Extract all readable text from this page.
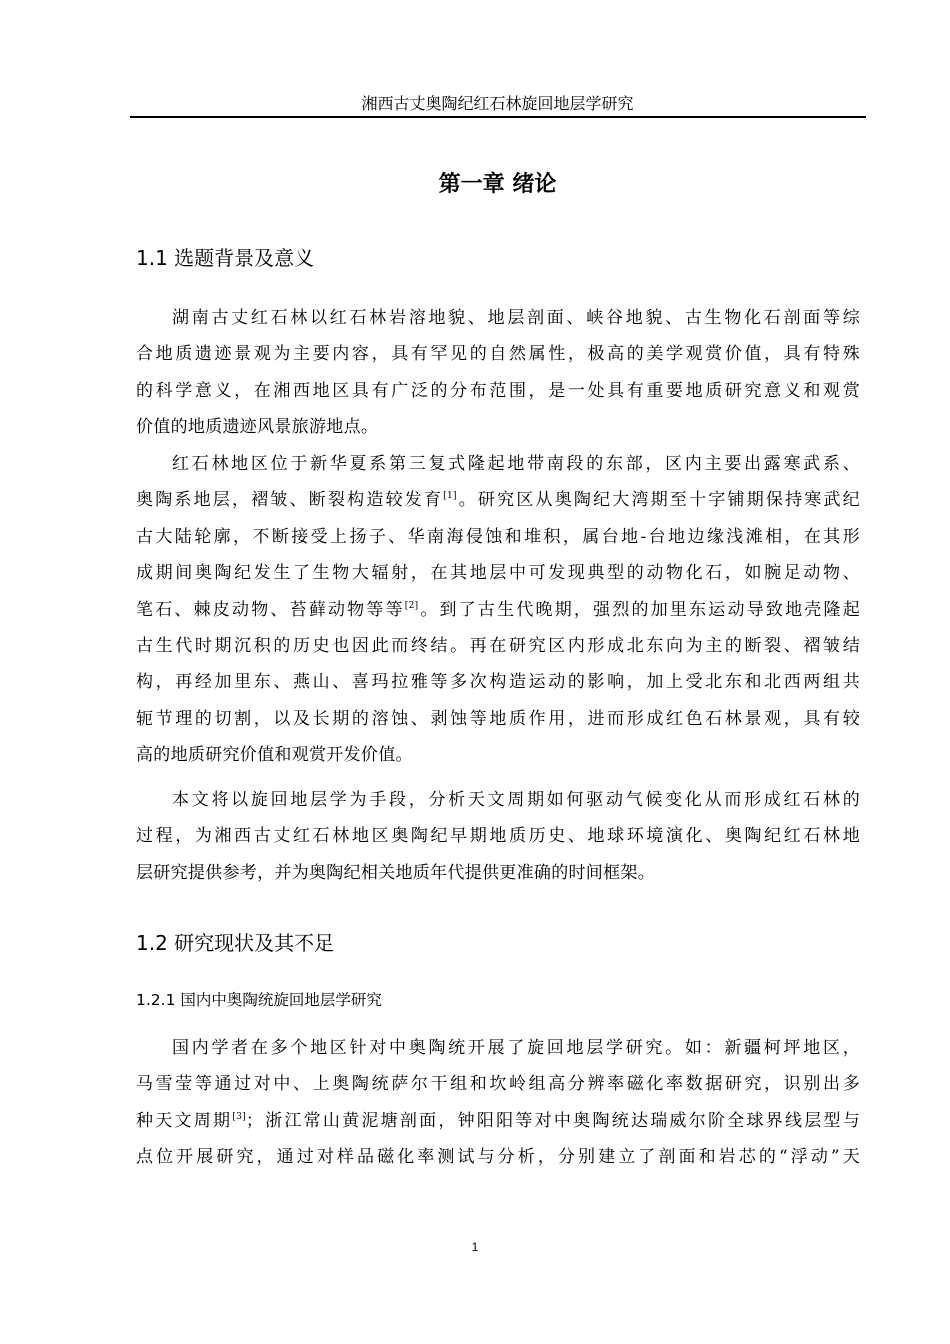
湘西古丈奥陶纪红石林旋回地层学研究
第一章 绪论
1.1 选题背景及意义
湖南古丈红石林以红石林岩溶地貌、地层剖面、峡谷地貌、古生物化石剖面等综
合地质遗迹景观为主要内容，具有罕见的自然属性，极高的美学观赏价值，具有特殊
的科学意义，在湘西地区具有广泛的分布范围，是一处具有重要地质研究意义和观赏
价值的地质遗迹风景旅游地点。
红石林地区位于新华夏系第三复式隆起地带南段的东部，区内主要出露寒武系、
奥陶系地层，褶皱、断裂构造较发育[1]。研究区从奥陶纪大湾期至十字铺期保持寒武纪
古大陆轮廓，不断接受上扬子、华南海侵蚀和堆积，属台地-台地边缘浅滩相，在其形
成期间奥陶纪发生了生物大辐射，在其地层中可发现典型的动物化石，如腕足动物、
笔石、棘皮动物、苔藓动物等等[2]。到了古生代晚期，强烈的加里东运动导致地壳隆起
古生代时期沉积的历史也因此而终结。再在研究区内形成北东向为主的断裂、褶皱结
构，再经加里东、燕山、喜玛拉雅等多次构造运动的影响，加上受北东和北西两组共
轭节理的切割，以及长期的溶蚀、剥蚀等地质作用，进而形成红色石林景观，具有较
高的地质研究价值和观赏开发价值。
本文将以旋回地层学为手段，分析天文周期如何驱动气候变化从而形成红石林的
过程，为湘西古丈红石林地区奥陶纪早期地质历史、地球环境演化、奥陶纪红石林地
层研究提供参考，并为奥陶纪相关地质年代提供更准确的时间框架。
1.2 研究现状及其不足
1.2.1 国内中奥陶统旋回地层学研究
国内学者在多个地区针对中奥陶统开展了旋回地层学研究。如：新疆柯坪地区，
马雪莹等通过对中、上奥陶统萨尔干组和坎岭组高分辨率磁化率数据研究，识别出多
种天文周期[3]；浙江常山黄泥塘剖面，钟阳阳等对中奥陶统达瑞威尔阶全球界线层型与
点位开展研究，通过对样品磁化率测试与分析，分别建立了剖面和岩芯的“浮动”天
1
